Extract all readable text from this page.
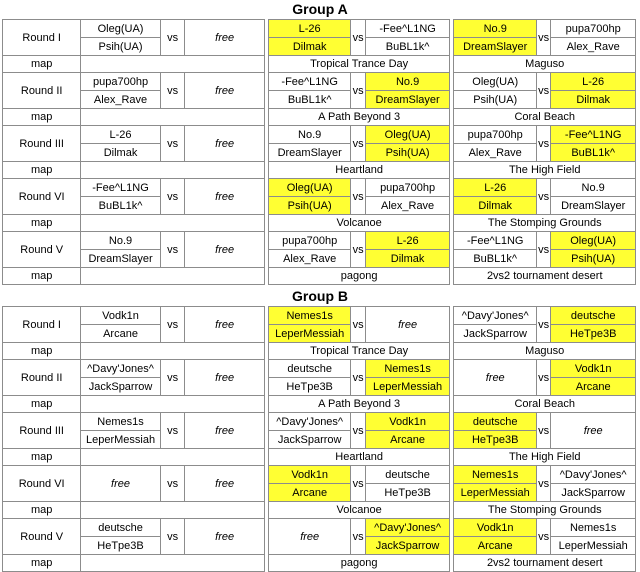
Group A
Round I	Oleg(UA)	vs	free		L-26	vs	-Fee^L1NG		No.9	vs	pupa700hp
	Psih(UA)				Dilmak		BuBL1k^		DreamSlayer		Alex_Rave
map					Tropical Trance Day				Maguso		
Round II	pupa700hp	vs	free		-Fee^L1NG	vs	No.9		Oleg(UA)	vs	L-26
	Alex_Rave				BuBL1k^		DreamSlayer		Psih(UA)		Dilmak
map					A Path Beyond 3				Coral Beach		
Round III	L-26	vs	free		No.9	vs	Oleg(UA)		pupa700hp	vs	-Fee^L1NG
	Dilmak				DreamSlayer		Psih(UA)		Alex_Rave		BuBL1k^
map					Heartland				The High Field		
Round VI	-Fee^L1NG	vs	free		Oleg(UA)	vs	pupa700hp		L-26	vs	No.9
	BuBL1k^				Psih(UA)		Alex_Rave		Dilmak		DreamSlayer
map					Volcanoe				The Stomping Grounds		
Round V	No.9	vs	free		pupa700hp	vs	L-26		-Fee^L1NG	vs	Oleg(UA)
	DreamSlayer				Alex_Rave		Dilmak		BuBL1k^		Psih(UA)
map					pagong				2vs2 tournament desert		
Group B
Round I	Vodk1n	vs	free		Nemes1s	vs	free		^Davy'Jones^	vs	deutsche
	Arcane				LeperMessiah				JackSparrow		HeTpe3B
map					Tropical Trance Day				Maguso		
Round II	^Davy'Jones^	vs	free		deutsche	vs	Nemes1s		free	vs	Vodk1n
	JackSparrow				HeTpe3B		LeperMessiah				Arcane
map					A Path Beyond 3				Coral Beach		
Round III	Nemes1s	vs	free		^Davy'Jones^	vs	Vodk1n		deutsche	vs	free
	LeperMessiah				JackSparrow		Arcane		HeTpe3B		
map					Heartland				The High Field		
Round VI	free	vs	free		Vodk1n	vs	deutsche		Nemes1s	vs	^Davy'Jones^
					Arcane		HeTpe3B		LeperMessiah		JackSparrow
map					Volcanoe				The Stomping Grounds		
Round V	deutsche	vs	free		free	vs	^Davy'Jones^		Vodk1n	vs	Nemes1s
	HeTpe3B						JackSparrow		Arcane		LeperMessiah
map					pagong				2vs2 tournament desert		
